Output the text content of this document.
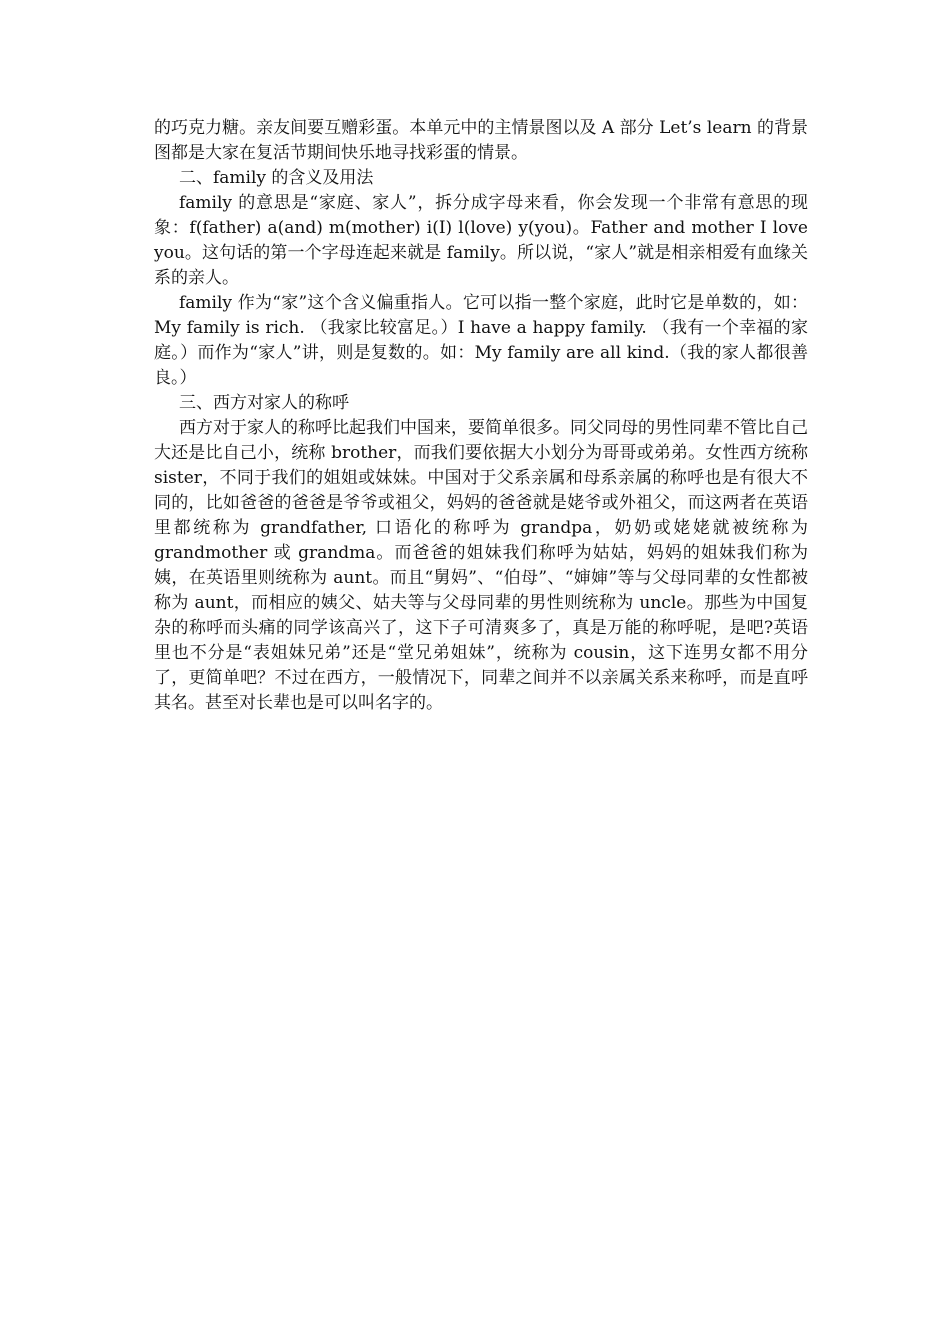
的巧克力糖。亲友间要互赠彩蛋。本单元中的主情景图以及 A 部分 Let’s learn 的背景图都是大家在复活节期间快乐地寻找彩蛋的情景。

二、family 的含义及用法

family 的意思是“家庭、家人”，拆分成字母来看，你会发现一个非常有意思的现象：f(father) a(and) m(mother) i(I) l(love) y(you)。Father and mother I love you。这句话的第一个字母连起来就是 family。所以说，“家人”就是相亲相爱有血缘关系的亲人。

family 作为“家”这个含义偏重指人。它可以指一整个家庭，此时它是单数的，如：My family is rich. （我家比较富足。）I have a happy family. （我有一个幸福的家庭。）而作为“家人”讲，则是复数的。如：My family are all kind.（我的家人都很善良。）

三、西方对家人的称呼

西方对于家人的称呼比起我们中国来，要简单很多。同父同母的男性同辈不管比自己大还是比自己小，统称 brother，而我们要依据大小划分为哥哥或弟弟。女性西方统称 sister，不同于我们的姐姐或妹妹。中国对于父系亲属和母系亲属的称呼也是有很大不同的，比如爸爸的爸爸是爷爷或祖父，妈妈的爸爸就是姥爷或外祖父，而这两者在英语里都统称为 grandfather, 口语化的称呼为 grandpa，奶奶或姥姥就被统称为 grandmother 或 grandma。而爸爸的姐妹我们称呼为姑姑，妈妈的姐妹我们称为姨，在英语里则统称为 aunt。而且“舅妈”、“伯母”、“婶婶”等与父母同辈的女性都被称为 aunt，而相应的姨父、姑夫等与父母同辈的男性则统称为 uncle。那些为中国复杂的称呼而头痛的同学该高兴了，这下子可清爽多了，真是万能的称呼呢，是吧?英语里也不分是“表姐妹兄弟”还是“堂兄弟姐妹”，统称为 cousin，这下连男女都不用分了，更简单吧？不过在西方，一般情况下，同辈之间并不以亲属关系来称呼，而是直呼其名。甚至对长辈也是可以叫名字的。
